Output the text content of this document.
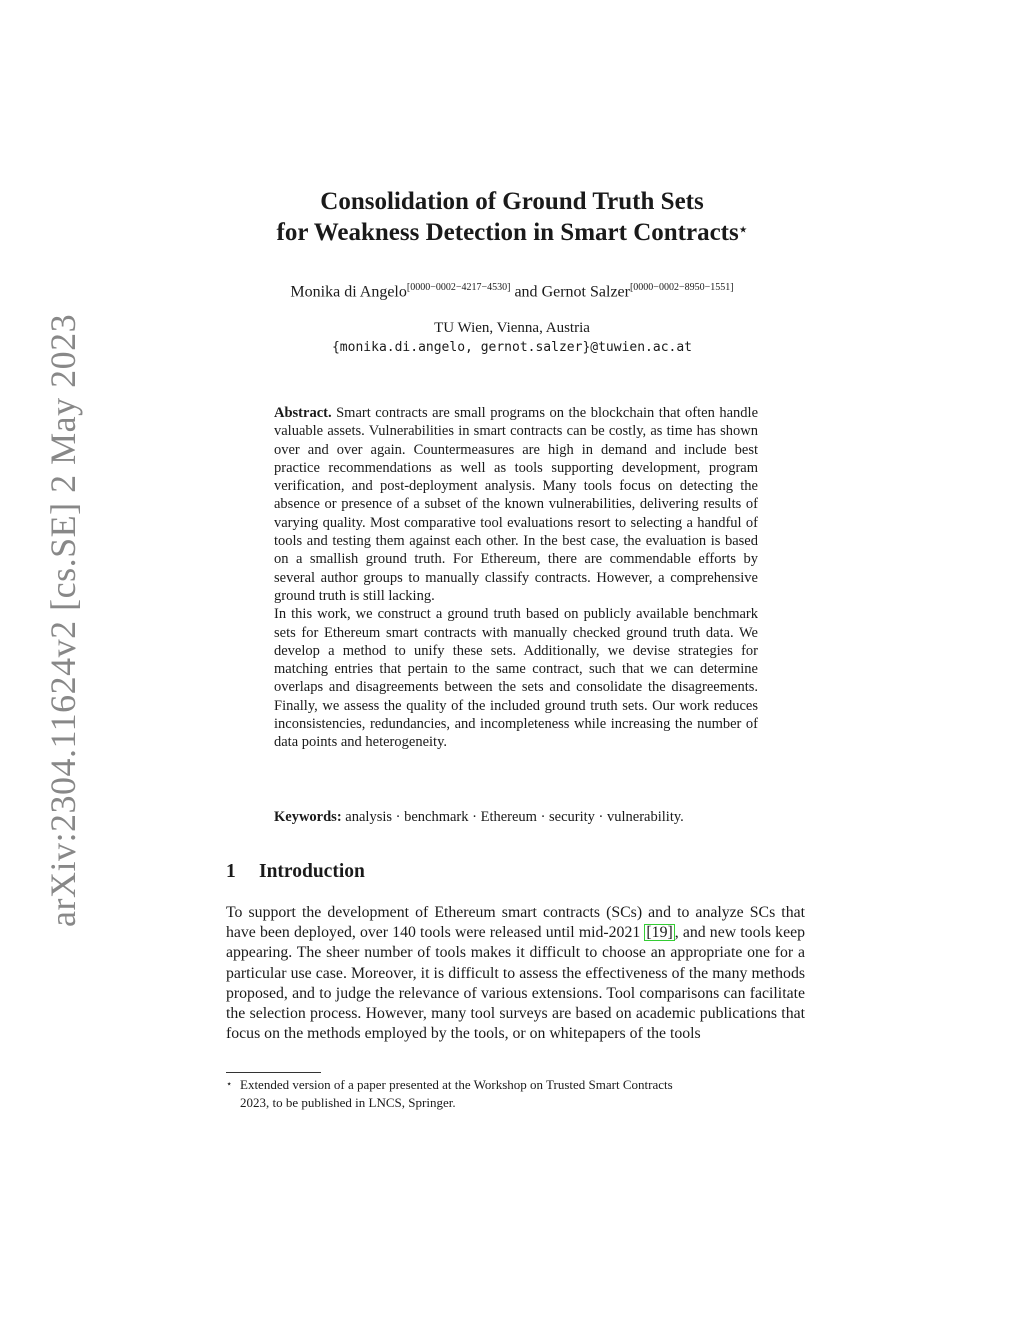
arXiv:2304.11624v2 [cs.SE] 2 May 2023
Consolidation of Ground Truth Sets
for Weakness Detection in Smart Contracts⋆
Monika di Angelo[0000−0002−4217−4530] and Gernot Salzer[0000−0002−8950−1551]
TU Wien, Vienna, Austria
{monika.di.angelo, gernot.salzer}@tuwien.ac.at

Abstract. Smart contracts are small programs on the blockchain that often handle valuable assets. Vulnerabilities in smart contracts can be costly, as time has shown over and over again. Countermeasures are high in demand and include best practice recommendations as well as tools supporting development, program verification, and post-deployment analysis. Many tools focus on detecting the absence or presence of a subset of the known vulnerabilities, delivering results of varying quality. Most comparative tool evaluations resort to selecting a handful of tools and testing them against each other. In the best case, the evaluation is based on a smallish ground truth. For Ethereum, there are commendable efforts by several author groups to manually classify contracts. However, a comprehensive ground truth is still lacking.

In this work, we construct a ground truth based on publicly available benchmark sets for Ethereum smart contracts with manually checked ground truth data. We develop a method to unify these sets. Additionally, we devise strategies for matching entries that pertain to the same contract, such that we can determine overlaps and disagreements between the sets and consolidate the disagreements. Finally, we assess the quality of the included ground truth sets. Our work reduces inconsistencies, redundancies, and incompleteness while increasing the number of data points and heterogeneity.

Keywords: analysis · benchmark · Ethereum · security · vulnerability.
1 Introduction
To support the development of Ethereum smart contracts (SCs) and to analyze SCs that have been deployed, over 140 tools were released until mid-2021 [19] , and new tools keep appearing. The sheer number of tools makes it difficult to choose an appropriate one for a particular use case. Moreover, it is difficult to assess the effectiveness of the many methods proposed, and to judge the relevance of various extensions. Tool comparisons can facilitate the selection process. However, many tool surveys are based on academic publications that focus on the methods employed by the tools, or on whitepapers of the tools
⋆ Extended version of a paper presented at the Workshop on Trusted Smart Contracts
2023, to be published in LNCS, Springer.
